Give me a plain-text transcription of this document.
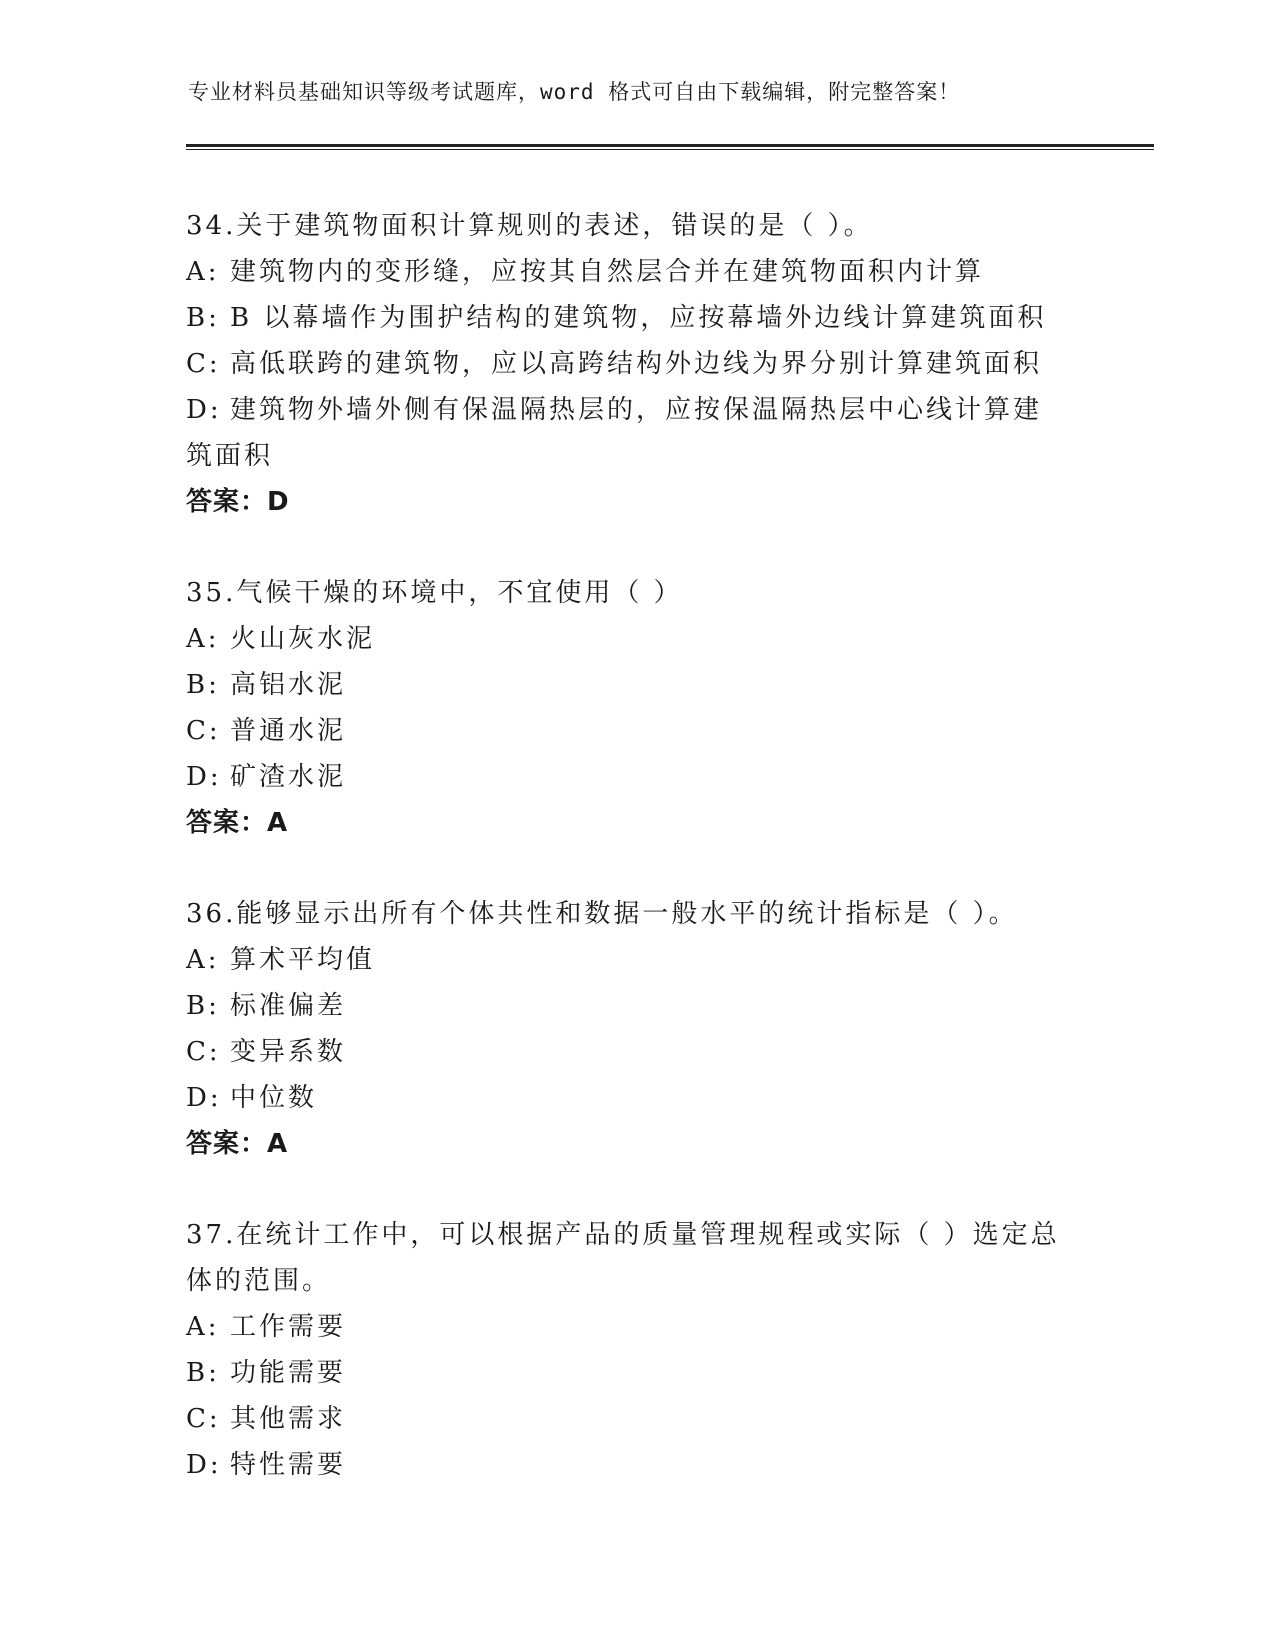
专业材料员基础知识等级考试题库，word 格式可自由下载编辑，附完整答案！
34.关于建筑物面积计算规则的表述，错误的是（ ）。
A: 建筑物内的变形缝，应按其自然层合并在建筑物面积内计算
B: B 以幕墙作为围护结构的建筑物，应按幕墙外边线计算建筑面积
C: 高低联跨的建筑物，应以高跨结构外边线为界分别计算建筑面积
D: 建筑物外墙外侧有保温隔热层的，应按保温隔热层中心线计算建筑面积
答案：D
35.气候干燥的环境中，不宜使用（ ）
A: 火山灰水泥
B: 高铝水泥
C: 普通水泥
D: 矿渣水泥
答案：A
36.能够显示出所有个体共性和数据一般水平的统计指标是（ ）。
A: 算术平均值
B: 标准偏差
C: 变异系数
D: 中位数
答案：A
37.在统计工作中，可以根据产品的质量管理规程或实际（ ）选定总体的范围。
A: 工作需要
B: 功能需要
C: 其他需求
D: 特性需要
